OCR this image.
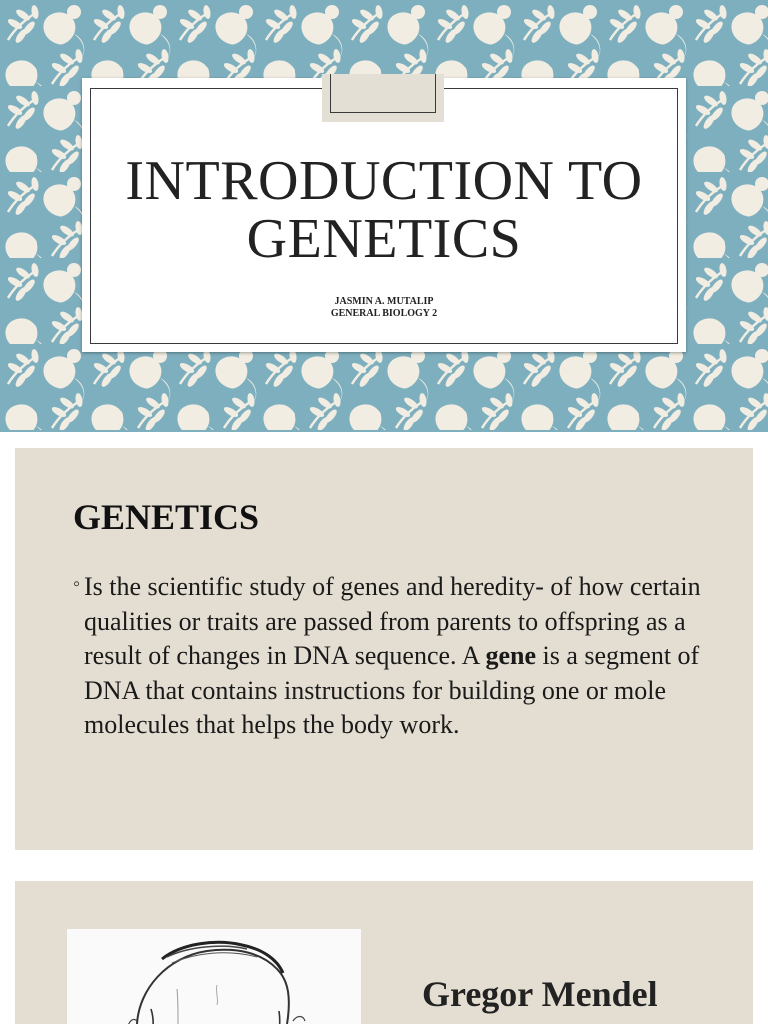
INTRODUCTION TO
GENETICS
JASMIN A. MUTALIP
GENERAL BIOLOGY 2
GENETICS
◦ Is the scientific study of genes and heredity- of how certain qualities or traits are passed from parents to offspring as a result of changes in DNA sequence. A gene is a segment of DNA that contains instructions for building one or mole molecules that helps the body work.
Gregor Mendel
